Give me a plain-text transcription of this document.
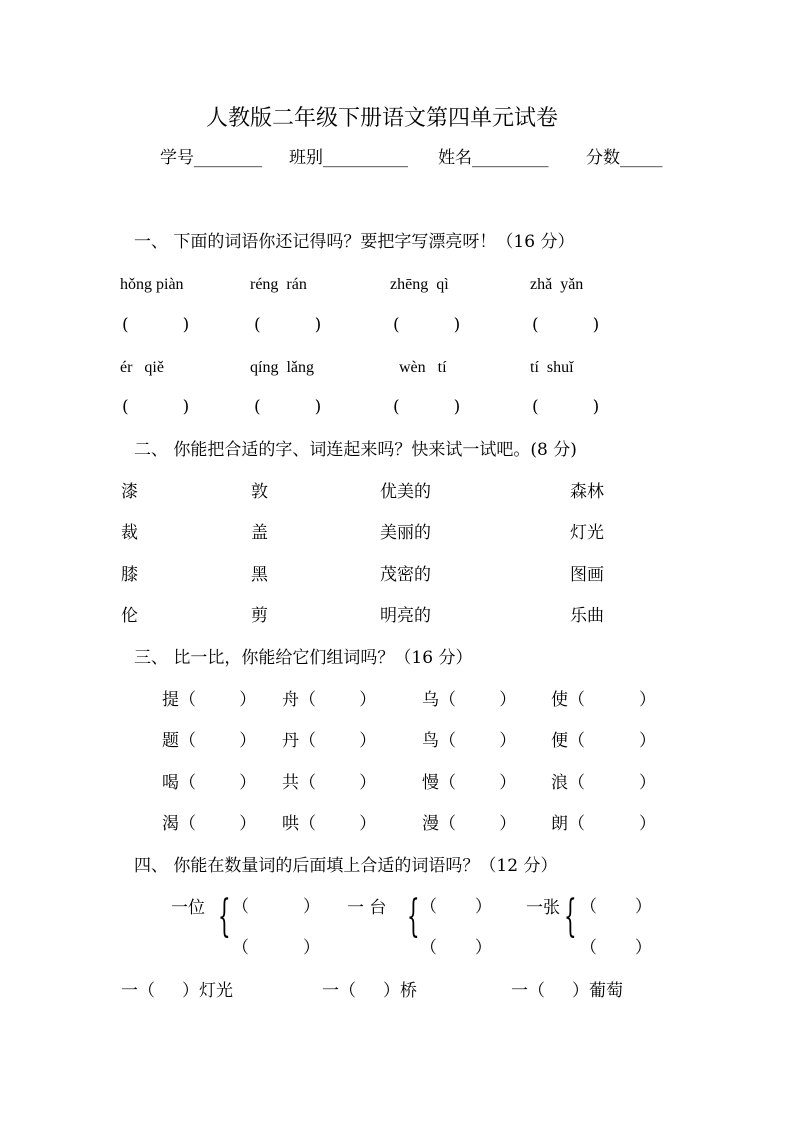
人教版二年级下册语文第四单元试卷
学号________ 班别__________ 姓名_________ 分数_____
一、 下面的词语你还记得吗？要把字写漂亮呀！（16 分）
hǒng piàn	réng  rán	zhēng  qì	zhǎ  yǎn
(          )	(          )	(          )	(          )
ér   qiě	qíng  lǎng	wèn   tí	tí  shuǐ
(          )	(          )	(          )	(          )
二、 你能把合适的字、词连起来吗？快来试一试吧。(8 分)
漆	敦	优美的	森林
裁	盖	美丽的	灯光
膝	黑	茂密的	图画
伦	剪	明亮的	乐曲
三、 比一比，你能给它们组词吗？（16 分）
提（        ） 舟（        ）	乌（        ） 使（          ）
题（        ） 丹（        ）	鸟（        ） 便（          ）
喝（        ） 共（        ）	慢（        ） 浪（          ）
渴（        ） 哄（        ）	漫（        ） 朗（          ）
四、 你能在数量词的后面填上合适的词语吗？（12 分）
一位 { （          ）
（          ）
一 台 { （       ）
（       ）
一张 { （       ）
（       ）
一（     ）灯光	一（     ）桥	一（     ）葡萄
